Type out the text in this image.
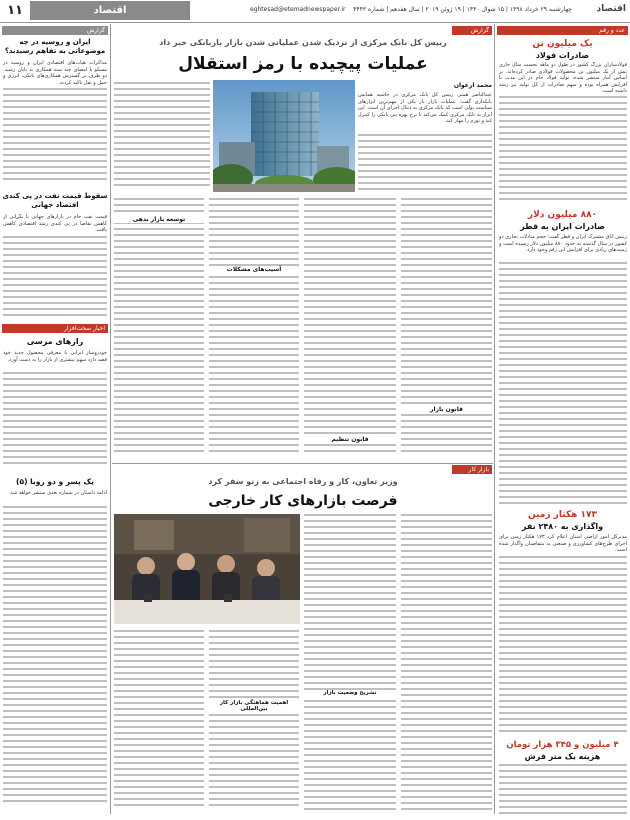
اقتصاد
چهارشنبه ۲۹ خرداد ۱۳۹۸ | ۱۵ شوال ۱۴۴۰ | ۱۹ ژوئن ۲۰۱۹ | سال هفدهم | شماره ۴۴۴۳
eghtesad@etemadnewspaper.ir
اقتصاد
۱۱
عدد و رقم
یک میلیون تن
صادرات فولاد
فولادسازان بزرگ کشور در طول دو ماهه نخست سال جاری بیش از یک میلیون تن محصولات فولادی صادر کرده‌اند. بر اساس آمار منتشر شده، تولید فولاد خام در این مدت با افزایش همراه بوده و سهم صادرات از کل تولید نیز رشد داشته است.
۸۸۰ میلیون دلار
صادرات ایران به قطر
رییس اتاق مشترک ایران و قطر گفت: حجم مبادلات تجاری دو کشور در سال گذشته به حدود ۸۸۰ میلیون دلار رسیده است و زمینه‌های زیادی برای افزایش این رقم وجود دارد.
۱۷۳ هکتار زمین
واگذاری به ۲۴۸۰ نفر
مدیرکل امور اراضی استان اعلام کرد ۱۷۳ هکتار زمین برای اجرای طرح‌های کشاورزی و صنعتی به متقاضیان واگذار شده است.
۴ میلیون و ۳۴۵ هزار تومان
هزینه یک متر فرش
گزارش
رییس کل بانک مرکزی از نزدیک شدن عملیاتی شدن بازار بازبانکی خبر داد
عملیات پیچیده با رمز استقلال
محمد ارغوان
عبدالناصر همتی رییس کل بانک مرکزی در حاشیه همایش بانکداری گفت: عملیات بازار باز یکی از مهم‌ترین ابزارهای سیاست پولی است که بانک مرکزی به دنبال اجرای آن است. این ابزار به بانک مرکزی کمک می‌کند تا نرخ بهره بین بانکی را کنترل کند و تورم را مهار کند.
توسعه بازار بدهی
آسیب‌های مشکلات
قانون تنظیم
قانون بازار
بازار کار
وزیر تعاون، کار و رفاه اجتماعی به زنو سفر کرد
فرصت بازارهای کار خارجی
اهمیت هماهنگی بازار کار بین‌المللی
تشریح وضعیت بازار
گزارش
ایران و روسیه در چه موضوعاتی به تفاهم رسیدند؟
مذاکرات هیات‌های اقتصادی ایران و روسیه در مسکو با امضای چند سند همکاری به پایان رسید. دو طرف بر گسترش همکاری‌های بانکی، انرژی و حمل و نقل تاکید کردند.
سقوط قیمت نفت در پی کندی اقتصاد جهانی
قیمت نفت خام در بازارهای جهانی با نگرانی از کاهش تقاضا در پی کندی رشد اقتصادی کاهش یافت.
اخبار سخت‌افزار
رازهای مرسی
خودروساز ایرانی با معرفی محصول جدید خود قصد دارد سهم بیشتری از بازار را به دست آورد.
یک پسر و دو روبا (۵)
ادامه داستان در شماره بعدی منتشر خواهد شد.
